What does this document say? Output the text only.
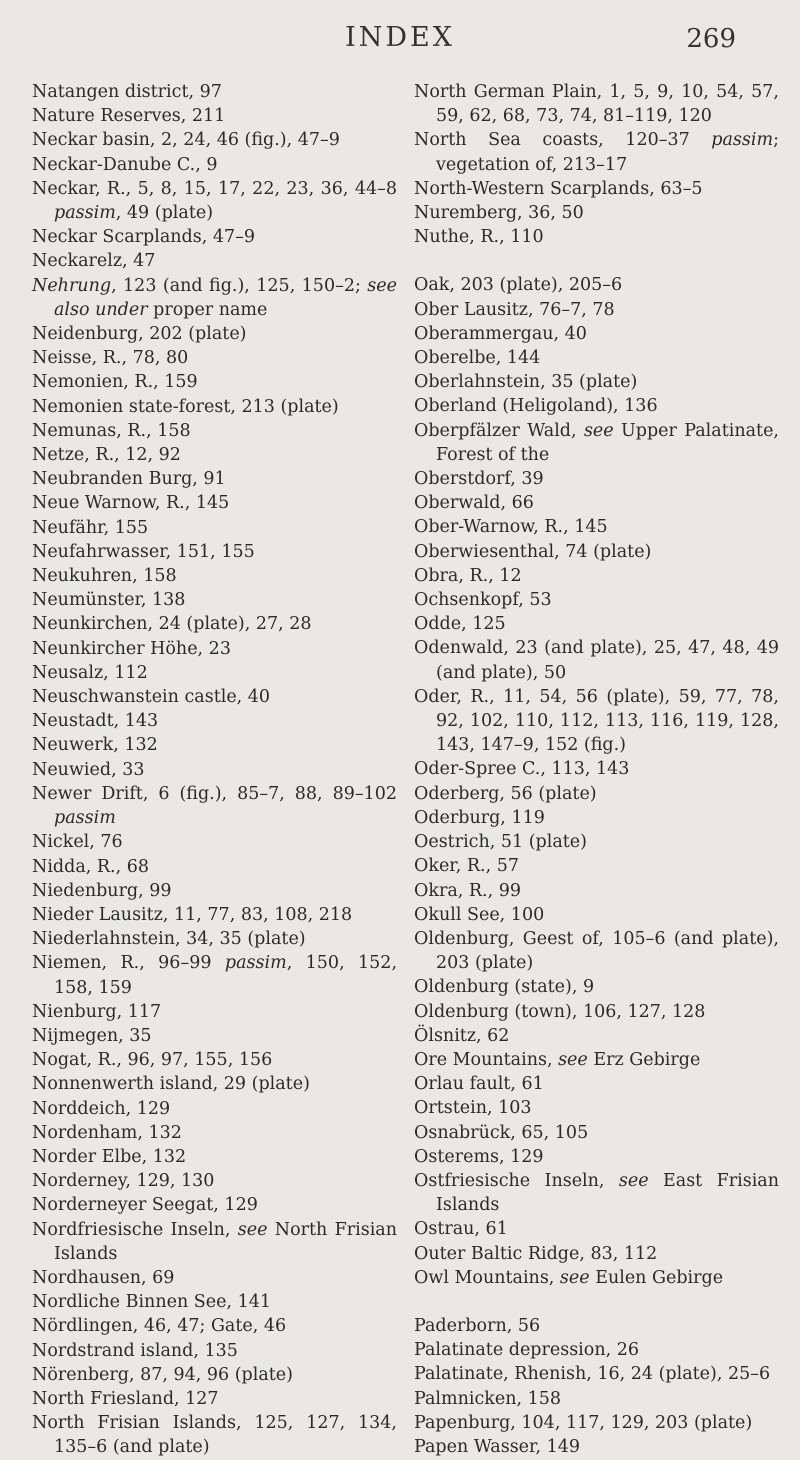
INDEX	269

Natangen district, 97

Nature Reserves, 211

Neckar basin, 2, 24, 46 (fig.), 47–9

Neckar-Danube C., 9

Neckar, R., 5, 8, 15, 17, 22, 23, 36, 44–8 passim, 49 (plate)

Neckar Scarplands, 47–9

Neckarelz, 47

Nehrung, 123 (and fig.), 125, 150–2; see also under proper name

Neidenburg, 202 (plate)

Neisse, R., 78, 80

Nemonien, R., 159

Nemonien state-forest, 213 (plate)

Nemunas, R., 158

Netze, R., 12, 92

Neubranden Burg, 91

Neue Warnow, R., 145

Neufähr, 155

Neufahrwasser, 151, 155

Neukuhren, 158

Neumünster, 138

Neunkirchen, 24 (plate), 27, 28

Neunkircher Höhe, 23

Neusalz, 112

Neuschwanstein castle, 40

Neustadt, 143

Neuwerk, 132

Neuwied, 33

Newer Drift, 6 (fig.), 85–7, 88, 89–102 passim

Nickel, 76

Nidda, R., 68

Niedenburg, 99

Nieder Lausitz, 11, 77, 83, 108, 218

Niederlahnstein, 34, 35 (plate)

Niemen, R., 96–99 passim, 150, 152, 158, 159

Nienburg, 117

Nijmegen, 35

Nogat, R., 96, 97, 155, 156

Nonnenwerth island, 29 (plate)

Norddeich, 129

Nordenham, 132

Norder Elbe, 132

Norderney, 129, 130

Norderneyer Seegat, 129

Nordfriesische Inseln, see North Frisian Islands

Nordhausen, 69

Nordliche Binnen See, 141

Nördlingen, 46, 47; Gate, 46

Nordstrand island, 135

Nörenberg, 87, 94, 96 (plate)

North Friesland, 127

North Frisian Islands, 125, 127, 134, 135–6 (and plate)

North German Plain, 1, 5, 9, 10, 54, 57, 59, 62, 68, 73, 74, 81–119, 120

North Sea coasts, 120–37 passim; vegetation of, 213–17

North-Western Scarplands, 63–5

Nuremberg, 36, 50

Nuthe, R., 110

Oak, 203 (plate), 205–6

Ober Lausitz, 76–7, 78

Oberammergau, 40

Oberelbe, 144

Oberlahnstein, 35 (plate)

Oberland (Heligoland), 136

Oberpfälzer Wald, see Upper Palatinate, Forest of the

Oberstdorf, 39

Oberwald, 66

Ober-Warnow, R., 145

Oberwiesenthal, 74 (plate)

Obra, R., 12

Ochsenkopf, 53

Odde, 125

Odenwald, 23 (and plate), 25, 47, 48, 49 (and plate), 50

Oder, R., 11, 54, 56 (plate), 59, 77, 78, 92, 102, 110, 112, 113, 116, 119, 128, 143, 147–9, 152 (fig.)

Oder-Spree C., 113, 143

Oderberg, 56 (plate)

Oderburg, 119

Oestrich, 51 (plate)

Oker, R., 57

Okra, R., 99

Okull See, 100

Oldenburg, Geest of, 105–6 (and plate), 203 (plate)

Oldenburg (state), 9

Oldenburg (town), 106, 127, 128

Ölsnitz, 62

Ore Mountains, see Erz Gebirge

Orlau fault, 61

Ortstein, 103

Osnabrück, 65, 105

Osterems, 129

Ostfriesische Inseln, see East Frisian Islands

Ostrau, 61

Outer Baltic Ridge, 83, 112

Owl Mountains, see Eulen Gebirge

Paderborn, 56

Palatinate depression, 26

Palatinate, Rhenish, 16, 24 (plate), 25–6

Palmnicken, 158

Papenburg, 104, 117, 129, 203 (plate)

Papen Wasser, 149
